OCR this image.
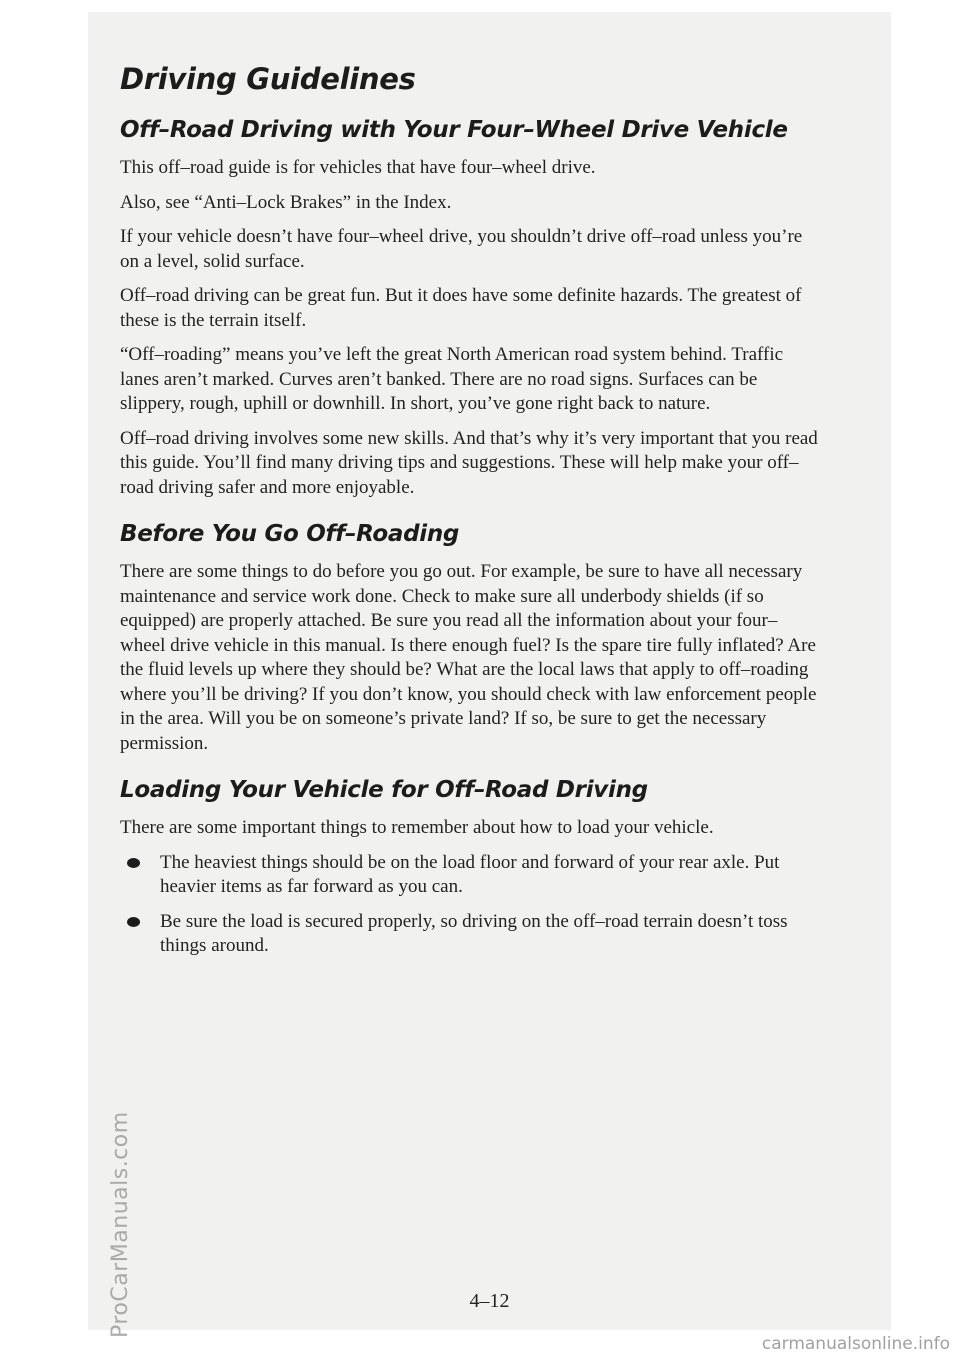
Driving Guidelines
Off–Road Driving with Your Four–Wheel Drive Vehicle

This off–road guide is for vehicles that have four–wheel drive.

Also, see “Anti–Lock Brakes” in the Index.

If your vehicle doesn’t have four–wheel drive, you shouldn’t drive off–road unless you’re on a level, solid surface.

Off–road driving can be great fun. But it does have some definite hazards. The greatest of these is the terrain itself.

“Off–roading” means you’ve left the great North American road system behind. Traffic lanes aren’t marked. Curves aren’t banked. There are no road signs. Surfaces can be slippery, rough, uphill or downhill. In short, you’ve gone right back to nature.

Off–road driving involves some new skills. And that’s why it’s very important that you read this guide. You’ll find many driving tips and suggestions. These will help make your off–road driving safer and more enjoyable.

Before You Go Off–Roading

There are some things to do before you go out. For example, be sure to have all necessary maintenance and service work done. Check to make sure all underbody shields (if so equipped) are properly attached. Be sure you read all the information about your four–wheel drive vehicle in this manual. Is there enough fuel? Is the spare tire fully inflated? Are the fluid levels up where they should be? What are the local laws that apply to off–roading where you’ll be driving? If you don’t know, you should check with law enforcement people in the area. Will you be on someone’s private land? If so, be sure to get the necessary permission.

Loading Your Vehicle for Off–Road Driving

There are some important things to remember about how to load your vehicle.

The heaviest things should be on the load floor and forward of your rear axle. Put heavier items as far forward as you can.
Be sure the load is secured properly, so driving on the off–road terrain doesn’t toss things around.
4–12
carmanualsonline.info
